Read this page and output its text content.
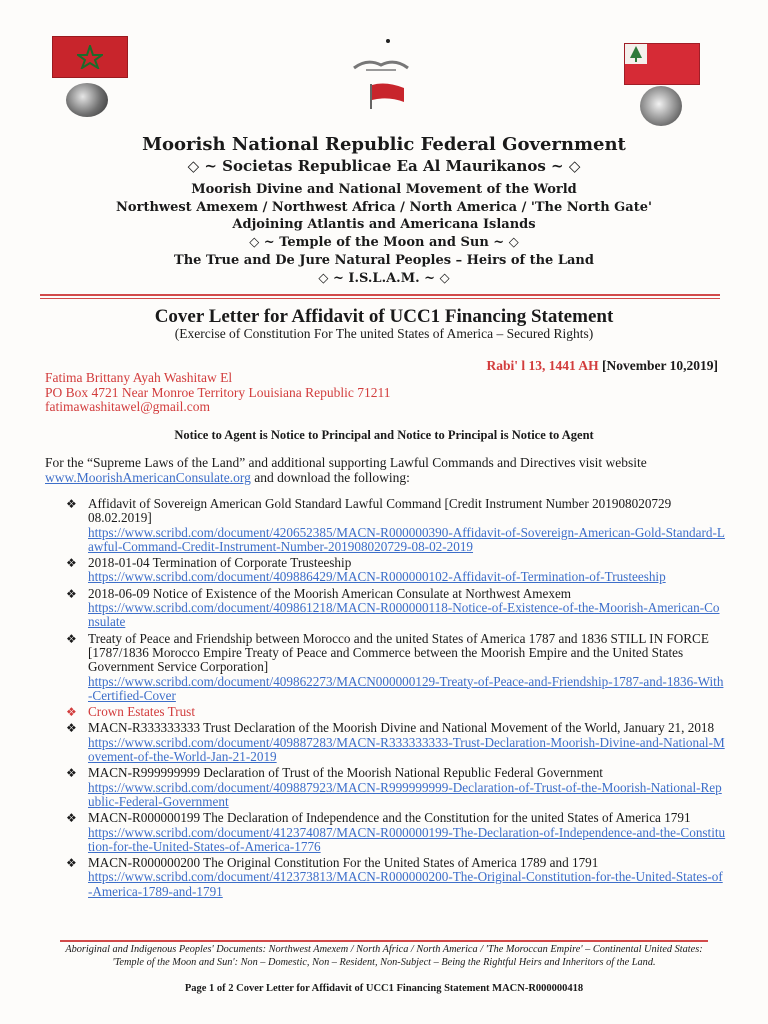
Moorish National Republic Federal Government
◇ ~ Societas Republicae Ea Al Maurikanos ~ ◇
Moorish Divine and National Movement of the World
Northwest Amexem / Northwest Africa / North America / 'The North Gate'
Adjoining Atlantis and Americana Islands
◇ ~ Temple of the Moon and Sun ~ ◇
The True and De Jure Natural Peoples – Heirs of the Land
◇ ~ I.S.L.A.M. ~ ◇
Cover Letter for Affidavit of UCC1 Financing Statement
(Exercise of Constitution For The united States of America – Secured Rights)
Rabi' l 13, 1441 AH [November 10,2019]
Fatima Brittany Ayah Washitaw El
PO Box 4721 Near Monroe Territory Louisiana Republic 71211
fatimawashitawel@gmail.com
Notice to Agent is Notice to Principal and Notice to Principal is Notice to Agent
For the “Supreme Laws of the Land” and additional supporting Lawful Commands and Directives visit website www.MoorishAmericanConsulate.org and download the following:
❖ Affidavit of Sovereign American Gold Standard Lawful Command [Credit Instrument Number 201908020729 08.02.2019]
https://www.scribd.com/document/420652385/MACN-R000000390-Affidavit-of-Sovereign-American-Gold-Standard-Lawful-Command-Credit-Instrument-Number-201908020729-08-02-2019
❖ 2018-01-04 Termination of Corporate Trusteeship
https://www.scribd.com/document/409886429/MACN-R000000102-Affidavit-of-Termination-of-Trusteeship
❖ 2018-06-09 Notice of Existence of the Moorish American Consulate at Northwest Amexem
https://www.scribd.com/document/409861218/MACN-R000000118-Notice-of-Existence-of-the-Moorish-American-Consulate
❖ Treaty of Peace and Friendship between Morocco and the united States of America 1787 and 1836 STILL IN FORCE
[1787/1836 Morocco Empire Treaty of Peace and Commerce between the Moorish Empire and the United States Government Service Corporation]
https://www.scribd.com/document/409862273/MACN000000129-Treaty-of-Peace-and-Friendship-1787-and-1836-With-Certified-Cover
❖ Crown Estates Trust
❖ MACN-R333333333 Trust Declaration of the Moorish Divine and National Movement of the World, January 21, 2018
https://www.scribd.com/document/409887283/MACN-R333333333-Trust-Declaration-Moorish-Divine-and-National-Movement-of-the-World-Jan-21-2019
❖ MACN-R999999999 Declaration of Trust of the Moorish National Republic Federal Government
https://www.scribd.com/document/409887923/MACN-R999999999-Declaration-of-Trust-of-the-Moorish-National-Republic-Federal-Government
❖ MACN-R000000199 The Declaration of Independence and the Constitution for the united States of America 1791
https://www.scribd.com/document/412374087/MACN-R000000199-The-Declaration-of-Independence-and-the-Constitution-for-the-United-States-of-America-1776
❖ MACN-R000000200 The Original Constitution For the United States of America 1789 and 1791
https://www.scribd.com/document/412373813/MACN-R000000200-The-Original-Constitution-for-the-United-States-of-America-1789-and-1791
Aboriginal and Indigenous Peoples' Documents: Northwest Amexem / North Africa / North America / 'The Moroccan Empire' – Continental United States: 'Temple of the Moon and Sun': Non – Domestic, Non – Resident, Non-Subject – Being the Rightful Heirs and Inheritors of the Land.
Page 1 of 2 Cover Letter for Affidavit of UCC1 Financing Statement MACN-R000000418
